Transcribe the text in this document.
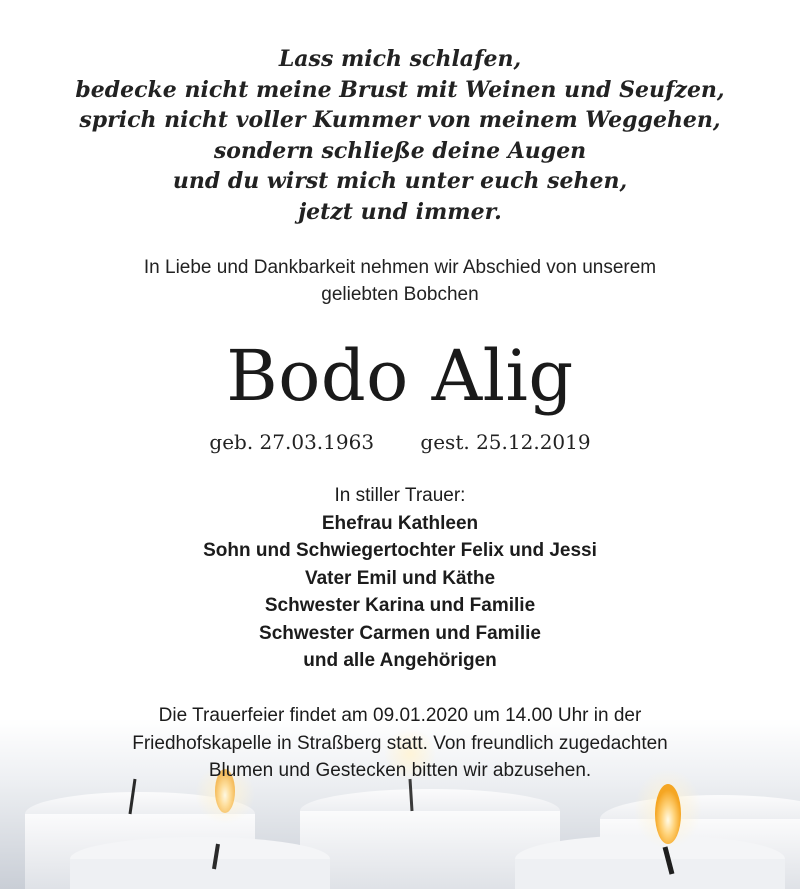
Lass mich schlafen,
bedecke nicht meine Brust mit Weinen und Seufzen,
sprich nicht voller Kummer von meinem Weggehen,
sondern schließe deine Augen
und du wirst mich unter euch sehen,
jetzt und immer.
In Liebe und Dankbarkeit nehmen wir Abschied von unserem
geliebten Bobchen
Bodo Alig
geb. 27.03.1963 gest. 25.12.2019
In stiller Trauer:
Ehefrau Kathleen
Sohn und Schwiegertochter Felix und Jessi
Vater Emil und Käthe
Schwester Karina und Familie
Schwester Carmen und Familie
und alle Angehörigen
Die Trauerfeier findet am 09.01.2020 um 14.00 Uhr in der
Friedhofskapelle in Straßberg statt. Von freundlich zugedachten
Blumen und Gestecken bitten wir abzusehen.
